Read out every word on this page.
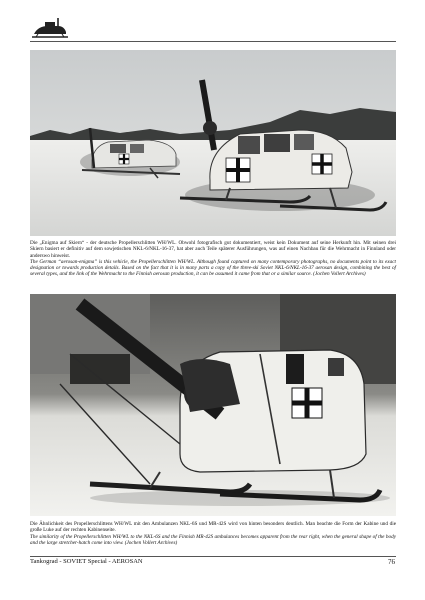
Die „Enigma auf Skiern“ - der deutsche Propellerschlitten WH/WL. Obwohl fotografisch gut dokumentiert, weist kein Dokument auf seine Herkunft hin. Mit seinen drei Skiern basiert er definitiv auf dem sowjetischen NKL-6/NKL-16-37, hat aber auch Teile späterer Ausführungen, was auf einen Nachbau für die Wehrmacht in Finnland oder anderswo hinweist.

The German “aerosan-enigma” is this vehicle, the Propellerschlitten WH/WL. Although found captured on many contemporary photographs, no documents point to its exact designation or towards production details. Based on the fact that it is in many parts a copy of the three-ski Soviet NKL-6/NKL-16-37 aerosan design, combining the best of several types, and the link of the Wehrmacht to the Finnish aerosan production, it can be assumed it came from that or a similar source. (Jochen Vollert Archives)

Die Ähnlichkeit des Propellerschlittens WH/WL mit den Ambulanzen NKL-6S und MR-42S wird von hinten besonders deutlich. Man beachte die Form der Kabine und die große Luke auf der rechten Kabinenseite.

The similarity of the Propellerschlitten WH/WL to the NKL-6S and the Finnish MR-42S ambulances becomes apparent from the rear right, when the general shape of the body and the large stretcher-hatch come into view. (Jochen Vollert Archives)

Tankograd - SOVIET Special - AEROSAN	76
